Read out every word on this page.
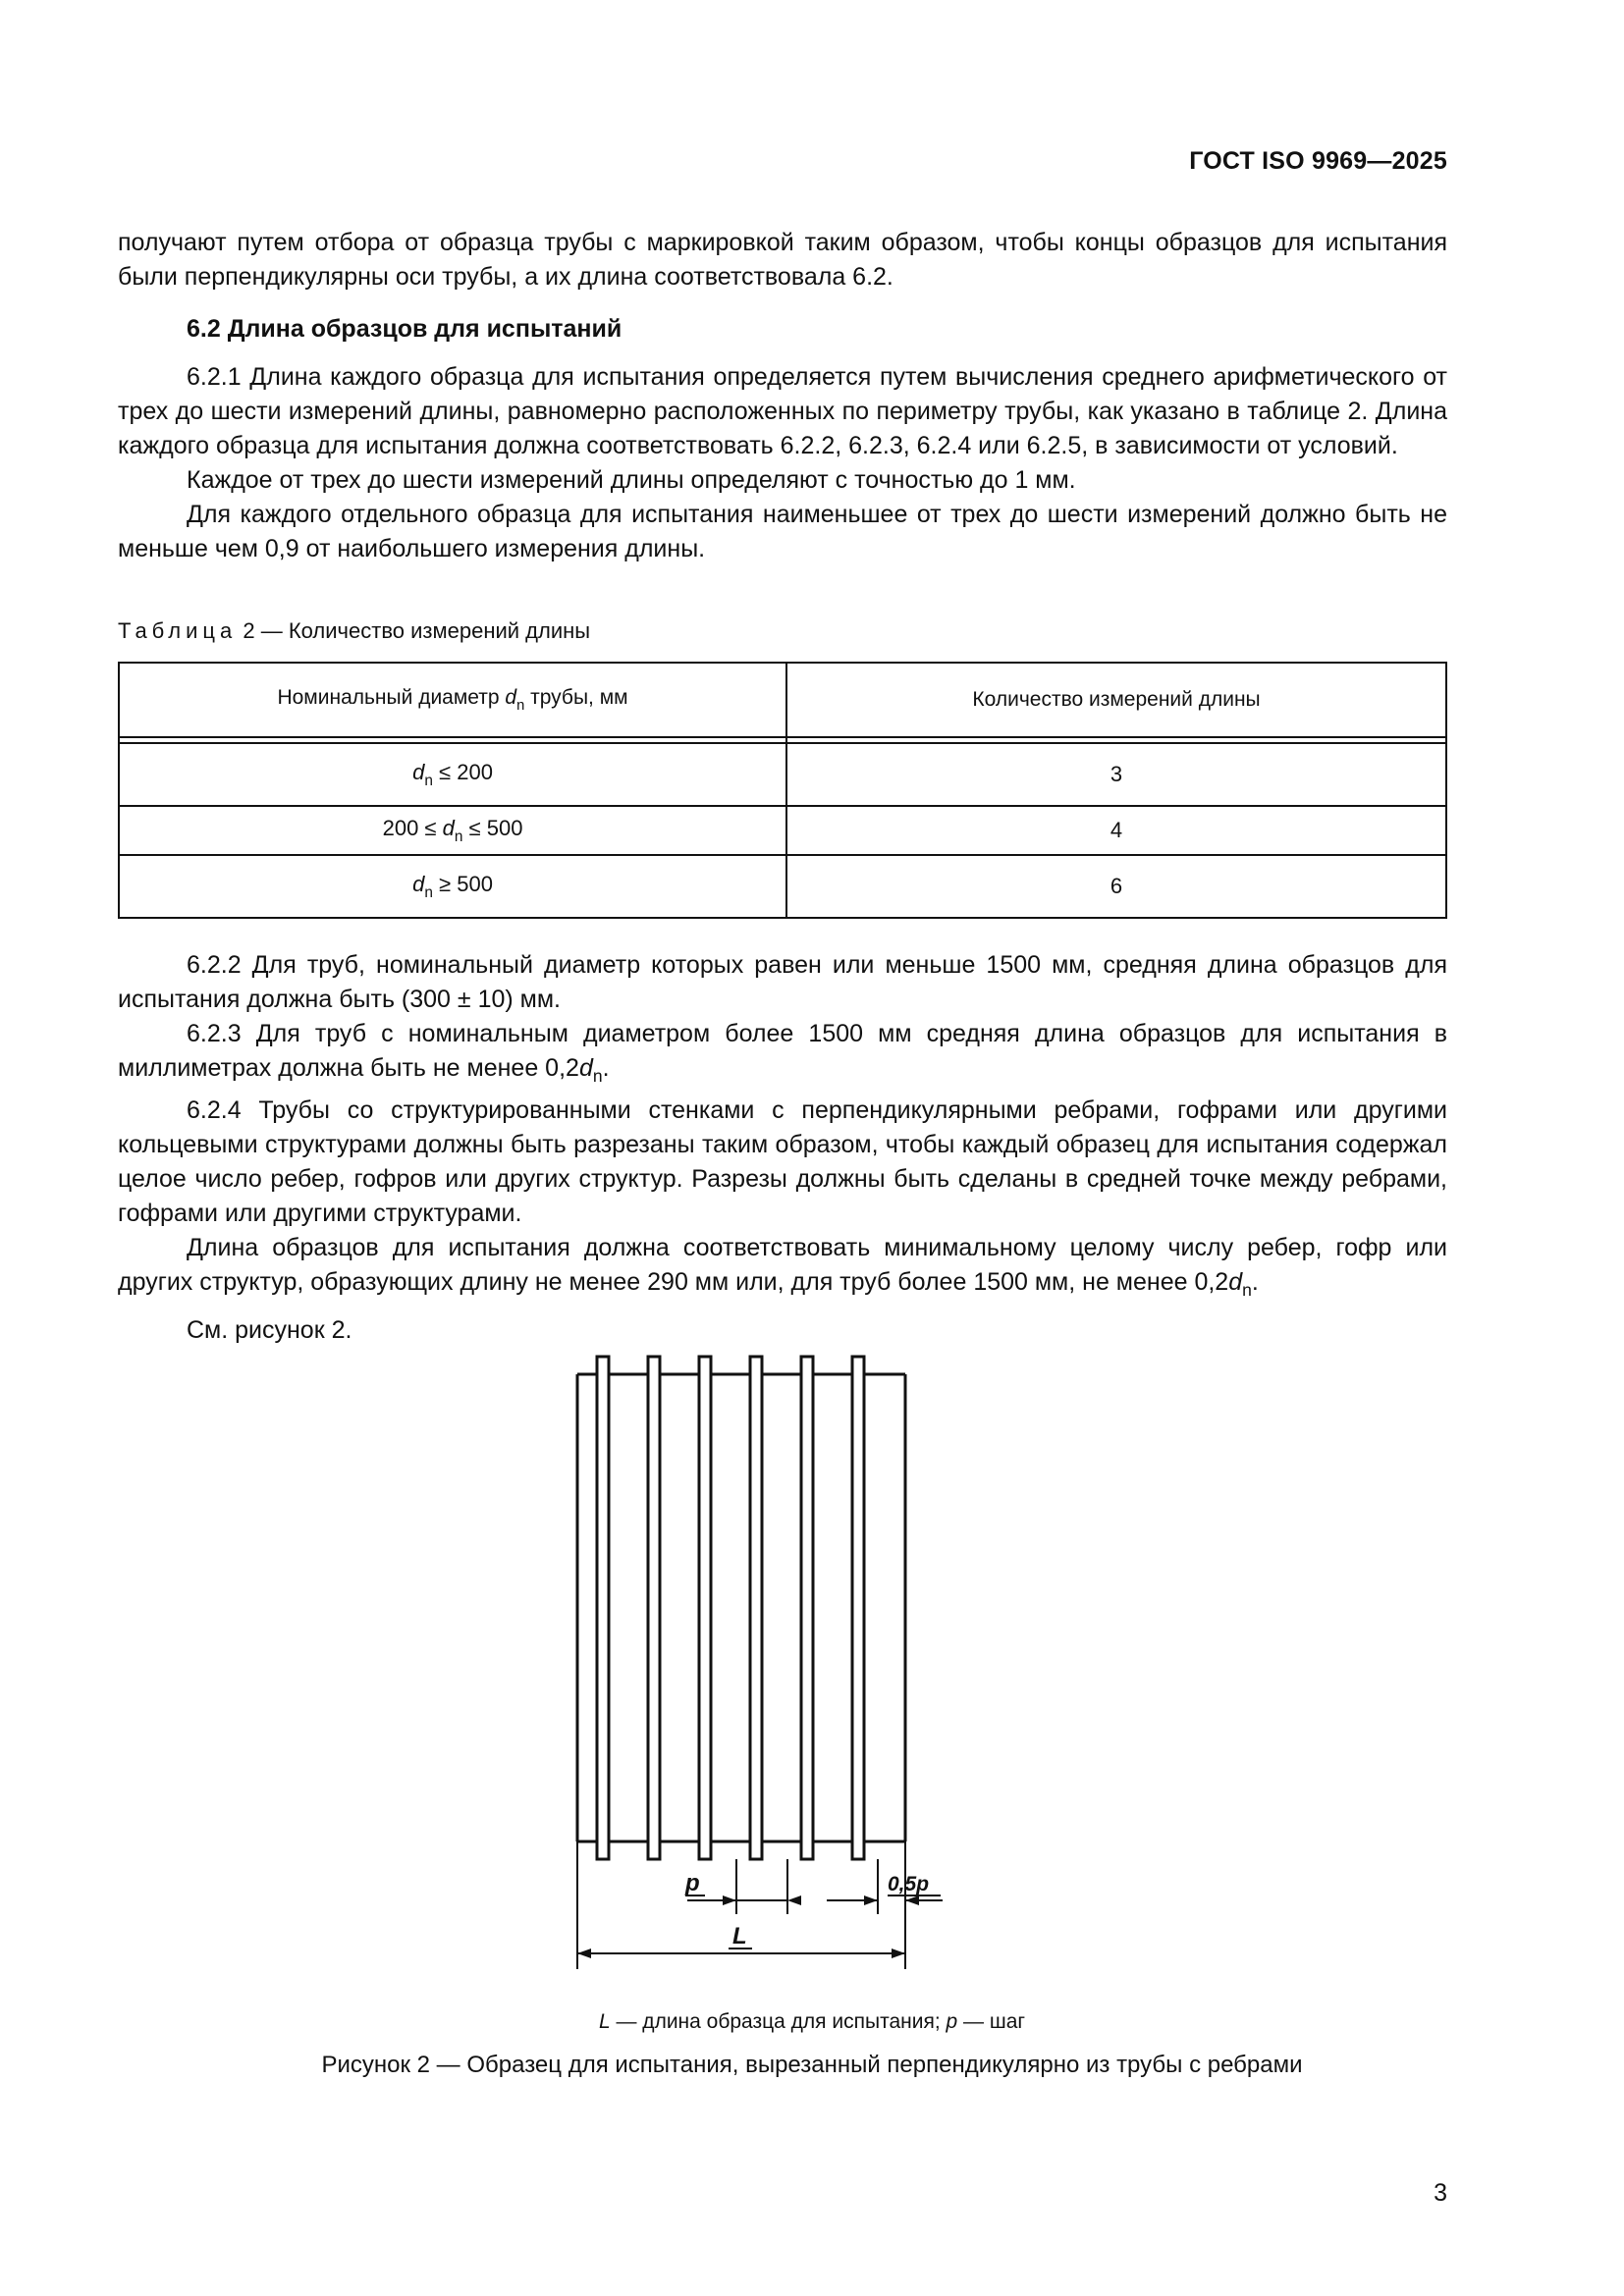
ГОСТ ISO 9969—2025

получают путем отбора от образца трубы с маркировкой таким образом, чтобы концы образцов для испытания были перпендикулярны оси трубы, а их длина соответствовала 6.2.

6.2 Длина образцов для испытаний

6.2.1 Длина каждого образца для испытания определяется путем вычисления среднего арифметического от трех до шести измерений длины, равномерно расположенных по периметру трубы, как указано в таблице 2. Длина каждого образца для испытания должна соответствовать 6.2.2, 6.2.3, 6.2.4 или 6.2.5, в зависимости от условий.

Каждое от трех до шести измерений длины определяют с точностью до 1 мм.

Для каждого отдельного образца для испытания наименьшее от трех до шести измерений должно быть не меньше чем 0,9 от наибольшего измерения длины.

Таблица 2 — Количество измерений длины
Номинальный диаметр $d_n$ трубы, мм	Количество измерений длины

$d_n \le 200$	3
$200 \le d_n \le 500$	4
$d_n \ge 500$	6

6.2.2 Для труб, номинальный диаметр которых равен или меньше 1500 мм, средняя длина образцов для испытания должна быть (300 ± 10) мм.

6.2.3 Для труб с номинальным диаметром более 1500 мм средняя длина образцов для испытания в миллиметрах должна быть не менее $0,2d_n$.

6.2.4 Трубы со структурированными стенками с перпендикулярными ребрами, гофрами или другими кольцевыми структурами должны быть разрезаны таким образом, чтобы каждый образец для испытания содержал целое число ребер, гофров или других структур. Разрезы должны быть сделаны в средней точке между ребрами, гофрами или другими структурами.

Длина образцов для испытания должна соответствовать минимальному целому числу ребер, гофр или других структур, образующих длину не менее 290 мм или, для труб более 1500 мм, не менее $0,2d_n$.

См. рисунок 2.

p	0,5p
L
L — длина образца для испытания; p — шаг
Рисунок 2 — Образец для испытания, вырезанный перпендикулярно из трубы с ребрами
3
